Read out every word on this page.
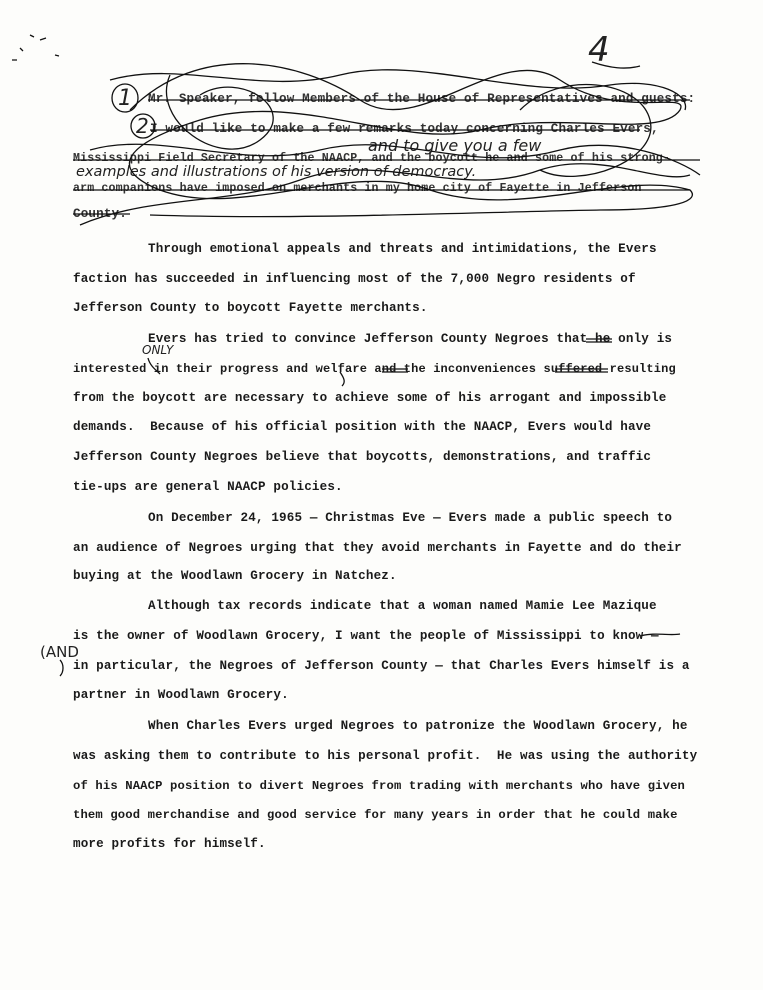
Mr. Speaker, fellow Members of the House of Representatives and guests:
I would like to make a few remarks today concerning Charles Evers,
Mississippi Field Secretary of the NAACP, and the boycott he and some of his strong-
arm companions have imposed on merchants in my home city of Fayette in Jefferson
County.
4
1
2
and to give you a few
examples and illustrations of his version of democracy.
ONLY
(AND
Through emotional appeals and threats and intimidations, the Evers
faction has succeeded in influencing most of the 7,000 Negro residents of
Jefferson County to boycott Fayette merchants.
Evers has tried to convince Jefferson County Negroes that he only is
interested in their progress and welfare and the inconveniences suffered resulting
from the boycott are necessary to achieve some of his arrogant and impossible
demands.  Because of his official position with the NAACP, Evers would have
Jefferson County Negroes believe that boycotts, demonstrations, and traffic
tie-ups are general NAACP policies.
On December 24, 1965 — Christmas Eve — Evers made a public speech to
an audience of Negroes urging that they avoid merchants in Fayette and do their
buying at the Woodlawn Grocery in Natchez.
Although tax records indicate that a woman named Mamie Lee Mazique
is the owner of Woodlawn Grocery, I want the people of Mississippi to know —
in particular, the Negroes of Jefferson County — that Charles Evers himself is a
partner in Woodlawn Grocery.
When Charles Evers urged Negroes to patronize the Woodlawn Grocery, he
was asking them to contribute to his personal profit.  He was using the authority
of his NAACP position to divert Negroes from trading with merchants who have given
them good merchandise and good service for many years in order that he could make
more profits for himself.
